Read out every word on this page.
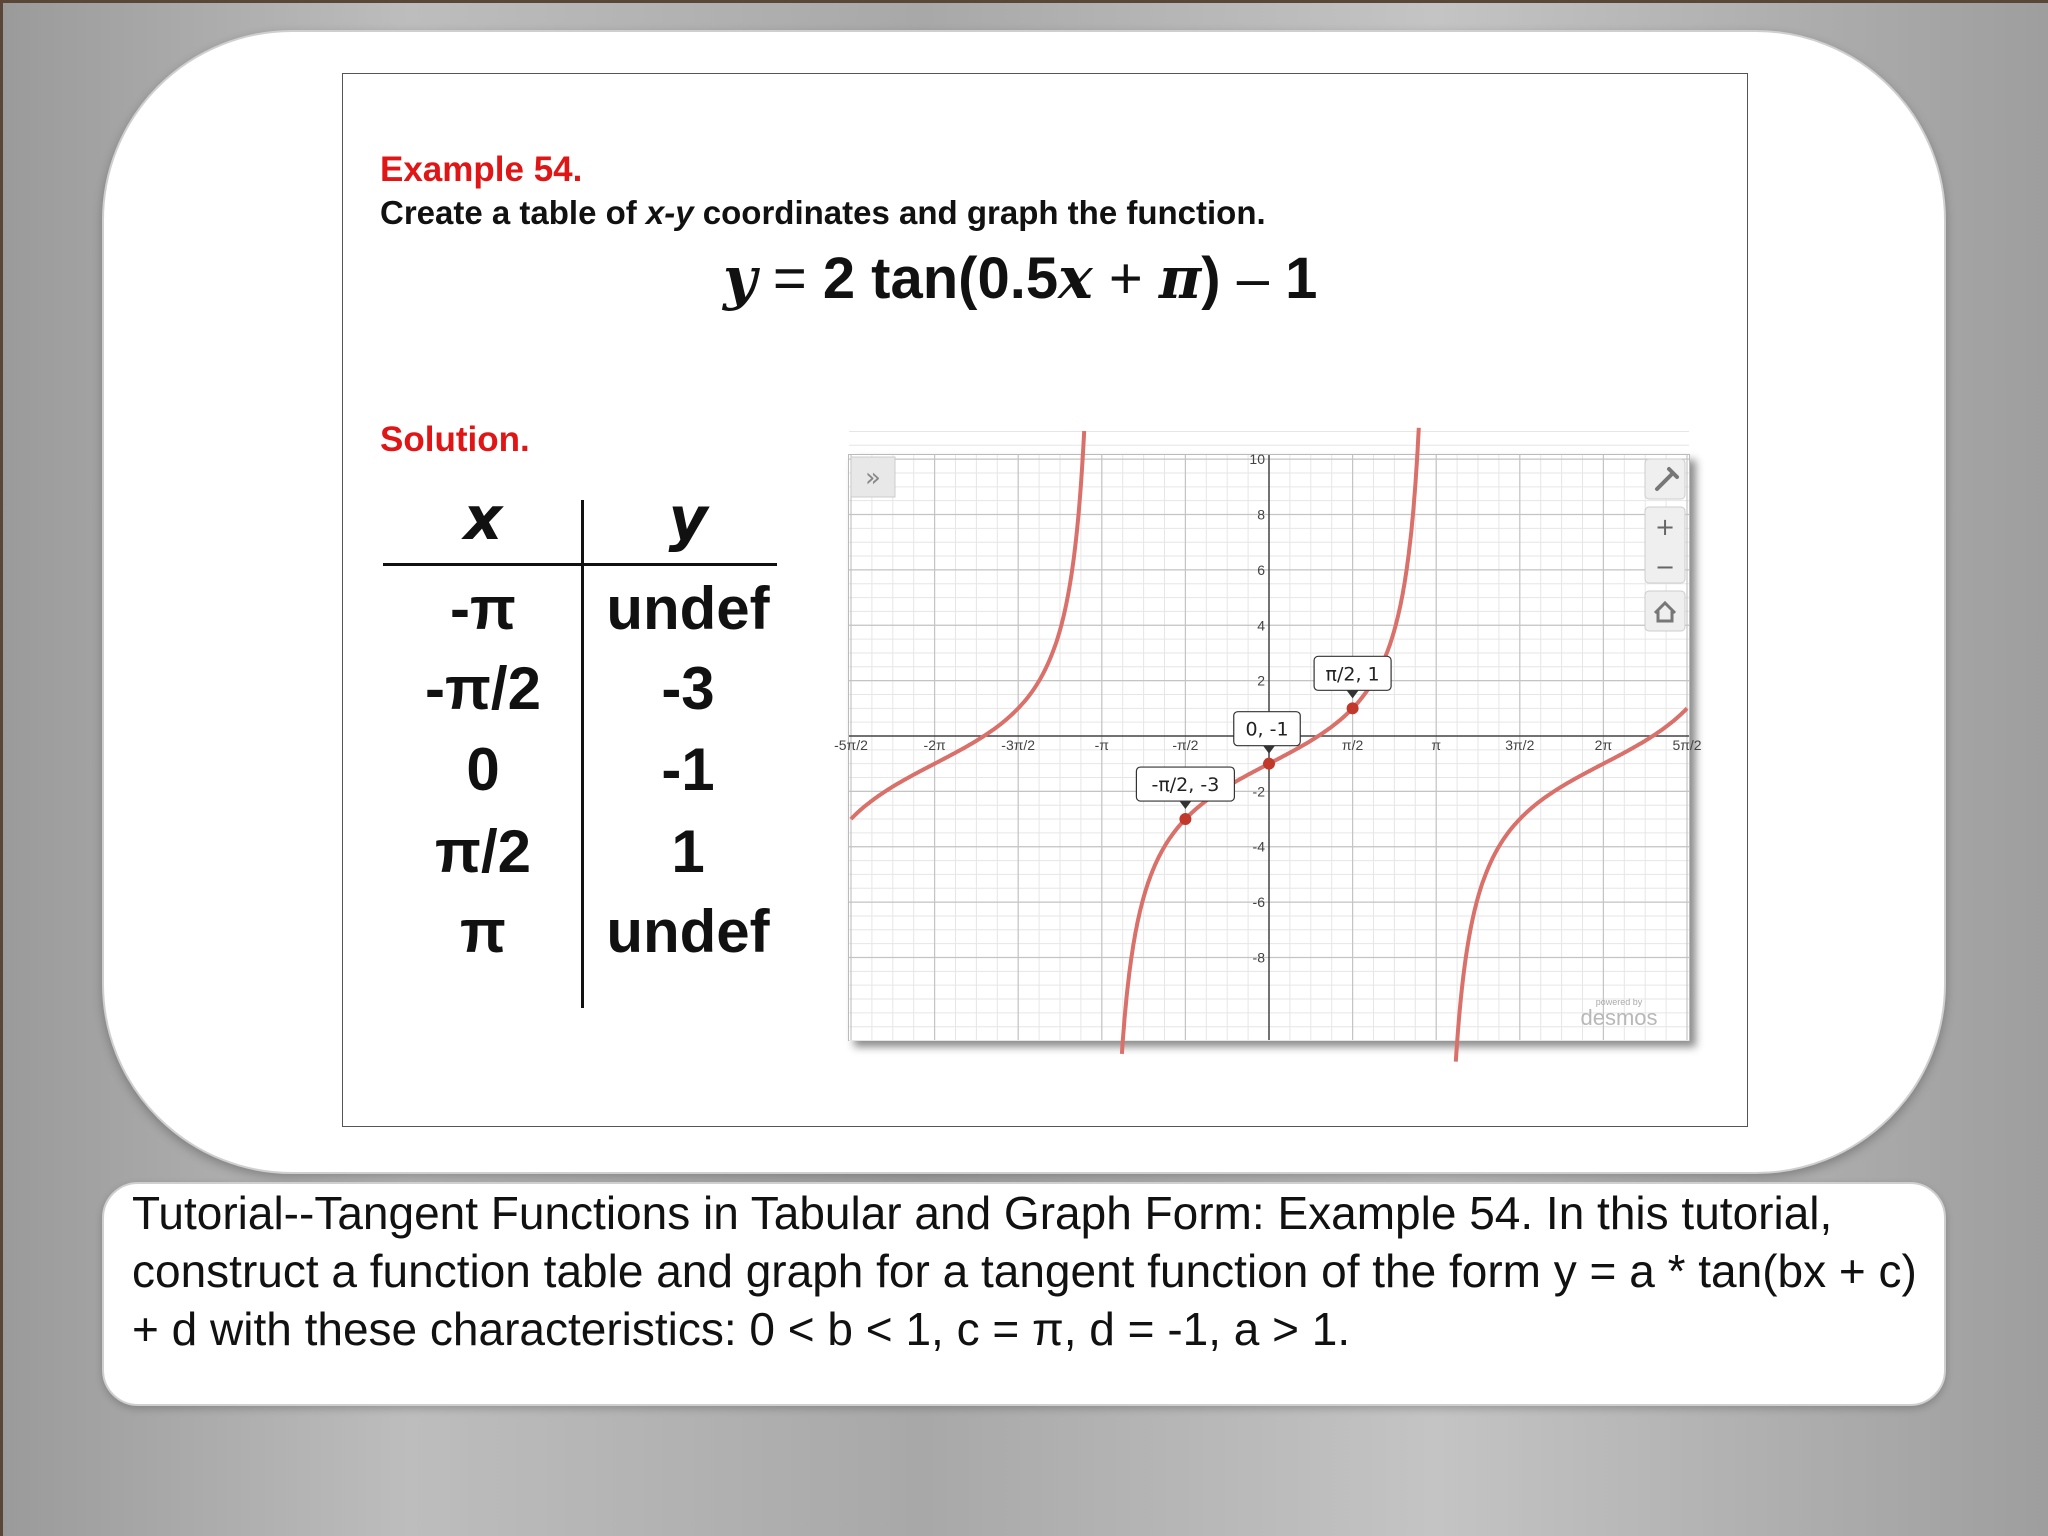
Example 54.
Create a table of x-y coordinates and graph the function.
y = 2 tan(0.5x + π) – 1
Solution.
x	y
-π	undef
-π/2	-3
0	-1
π/2	1
π	undef
-5π/2	-2π	-3π/2	-π	-π/2	π/2	π	3π/2	2π	5π/2
10
8
6
4
2
-2
-4
-6
-8
-π/2, -3
0, -1
π/2, 1
»
+
−
powered by
desmos
Tutorial--Tangent Functions in Tabular and Graph Form: Example 54. In this tutorial, construct a function table and graph for a tangent function of the form y = a * tan(bx + c) + d with these characteristics: 0 < b < 1, c = π, d = -1, a > 1.
